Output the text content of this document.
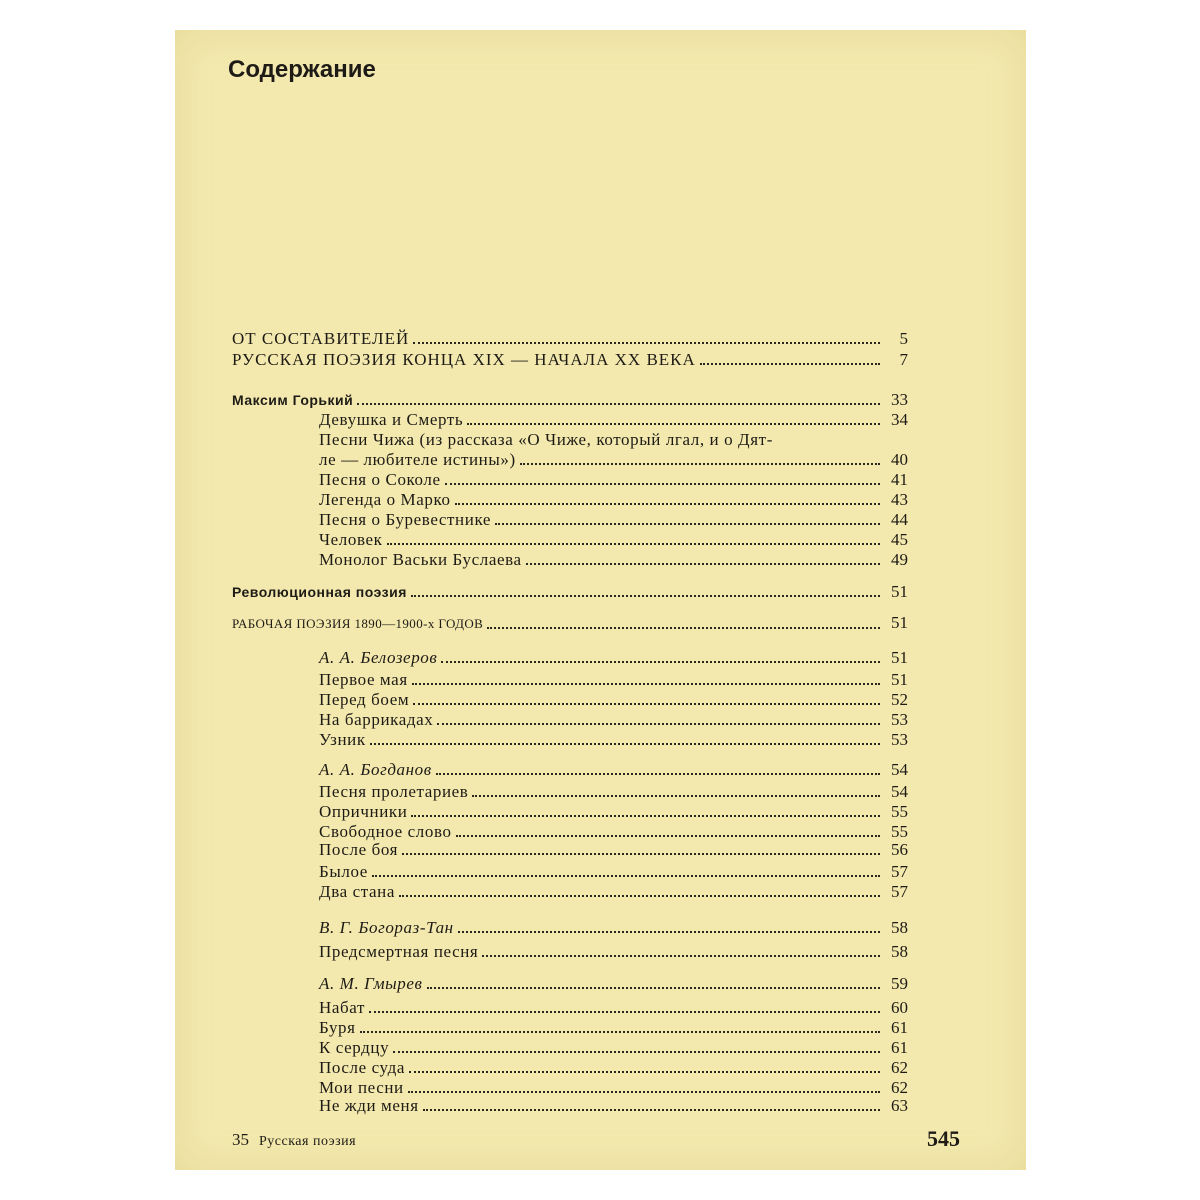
Содержание
ОТ СОСТАВИТЕЛЕЙ	5
РУССКАЯ ПОЭЗИЯ КОНЦА XIX — НАЧАЛА XX ВЕКА	7
Максим Горький	33
Девушка и Смерть	34
Песни Чижа (из рассказа «О Чиже, который лгал, и о Дят-
ле — любителе истины»)	40
Песня о Соколе	41
Легенда о Марко	43
Песня о Буревестнике	44
Человек	45
Монолог Васьки Буслаева	49
Революционная поэзия	51
РАБОЧАЯ ПОЭЗИЯ 1890—1900-х ГОДОВ	51
А. А. Белозеров	51
Первое мая	51
Перед боем	52
На баррикадах	53
Узник	53
А. А. Богданов	54
Песня пролетариев	54
Опричники	55
Свободное слово	55
После боя	56
Былое	57
Два стана	57
В. Г. Богораз-Тан	58
Предсмертная песня	58
А. М. Гмырев	59
Набат	60
Буря	61
К сердцу	61
После суда	62
Мои песни	62
Не жди меня	63
35 Русская поэзия	545
